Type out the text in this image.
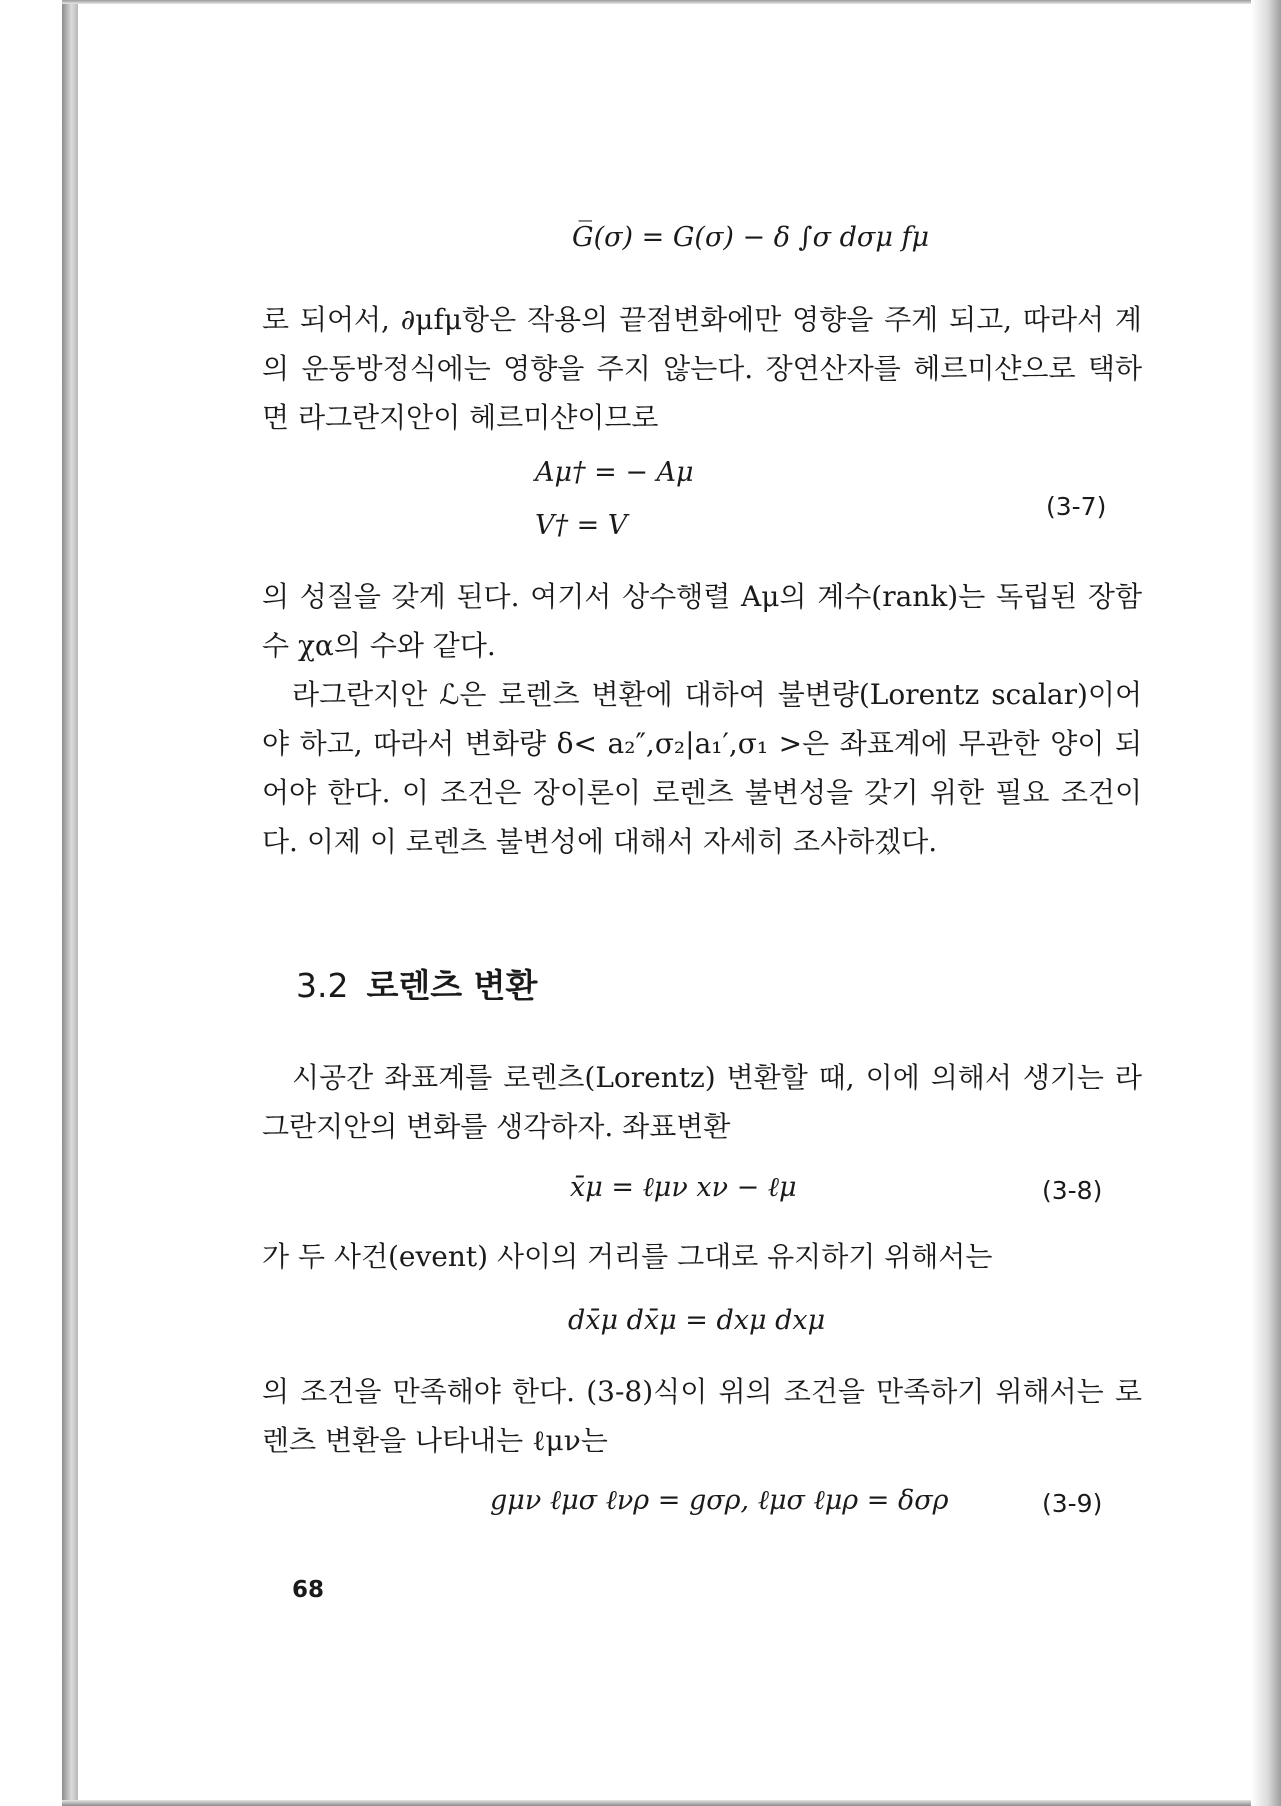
G̅(σ) = G(σ) − δ ∫σ dσμ fμ

로 되어서, ∂μfμ항은 작용의 끝점변화에만 영향을 주게 되고, 따라서 계의 운동방정식에는 영향을 주지 않는다. 장연산자를 헤르미샨으로 택하면 라그란지안이 헤르미샨이므로

Aμ† = − Aμ
V† = V
(3-7)

의 성질을 갖게 된다. 여기서 상수행렬 Aμ의 계수(rank)는 독립된 장함수 χα의 수와 같다.

라그란지안 ℒ은 로렌츠 변환에 대하여 불변량(Lorentz scalar)이어야 하고, 따라서 변화량 δ< a₂″,σ₂|a₁′,σ₁ >은 좌표계에 무관한 양이 되어야 한다. 이 조건은 장이론이 로렌츠 불변성을 갖기 위한 필요 조건이다. 이제 이 로렌츠 불변성에 대해서 자세히 조사하겠다.

3.2 로렌츠 변환

시공간 좌표계를 로렌츠(Lorentz) 변환할 때, 이에 의해서 생기는 라그란지안의 변화를 생각하자. 좌표변환

x̄μ = ℓμν xν − ℓμ	(3-8)

가 두 사건(event) 사이의 거리를 그대로 유지하기 위해서는

dx̄μ dx̄μ = dxμ dxμ

의 조건을 만족해야 한다. (3-8)식이 위의 조건을 만족하기 위해서는 로렌츠 변환을 나타내는 ℓμν는

gμν ℓμσ ℓνρ = gσρ, ℓμσ ℓμρ = δσρ	(3-9)
68
